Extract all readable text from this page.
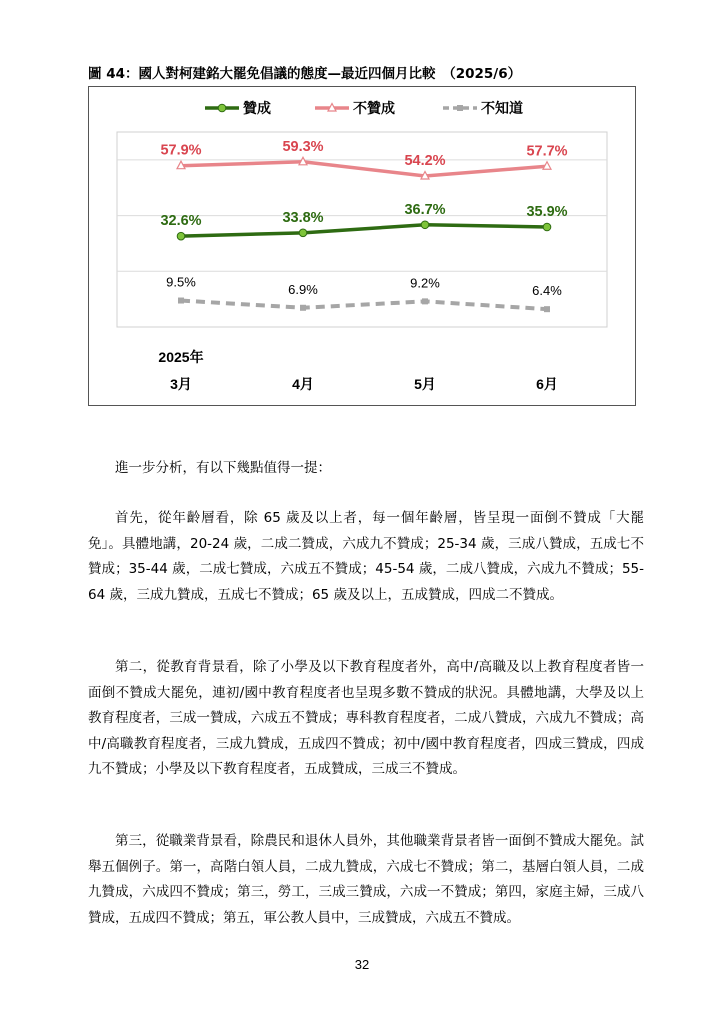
圖 44：國人對柯建銘大罷免倡議的態度—最近四個月比較　（2025/6）
贊成	不贊成	不知道
32.6%	33.8%
36.7%	35.9%
57.9%	59.3%
54.2%
57.7%
9.5%	6.9%	9.2%
6.4%
2025年
3月	4月	5月	6月

進一步分析，有以下幾點值得一提：

首先，從年齡層看，除 65 歲及以上者，每一個年齡層，皆呈現一面倒不贊成「大罷免」。具體地講，20-24 歲，二成二贊成，六成九不贊成；25-34 歲，三成八贊成，五成七不贊成；35-44 歲，二成七贊成，六成五不贊成；45-54 歲，二成八贊成，六成九不贊成；55-64 歲，三成九贊成，五成七不贊成；65 歲及以上，五成贊成，四成二不贊成。

第二，從教育背景看，除了小學及以下教育程度者外，高中/高職及以上教育程度者皆一面倒不贊成大罷免，連初/國中教育程度者也呈現多數不贊成的狀況。具體地講，大學及以上教育程度者，三成一贊成，六成五不贊成；專科教育程度者，二成八贊成，六成九不贊成；高中/高職教育程度者，三成九贊成，五成四不贊成；初中/國中教育程度者，四成三贊成，四成九不贊成；小學及以下教育程度者，五成贊成，三成三不贊成。

第三，從職業背景看，除農民和退休人員外，其他職業背景者皆一面倒不贊成大罷免。試舉五個例子。第一，高階白領人員，二成九贊成，六成七不贊成；第二，基層白領人員，二成九贊成，六成四不贊成；第三，勞工，三成三贊成，六成一不贊成；第四，家庭主婦，三成八贊成，五成四不贊成；第五，軍公教人員中，三成贊成，六成五不贊成。

32
